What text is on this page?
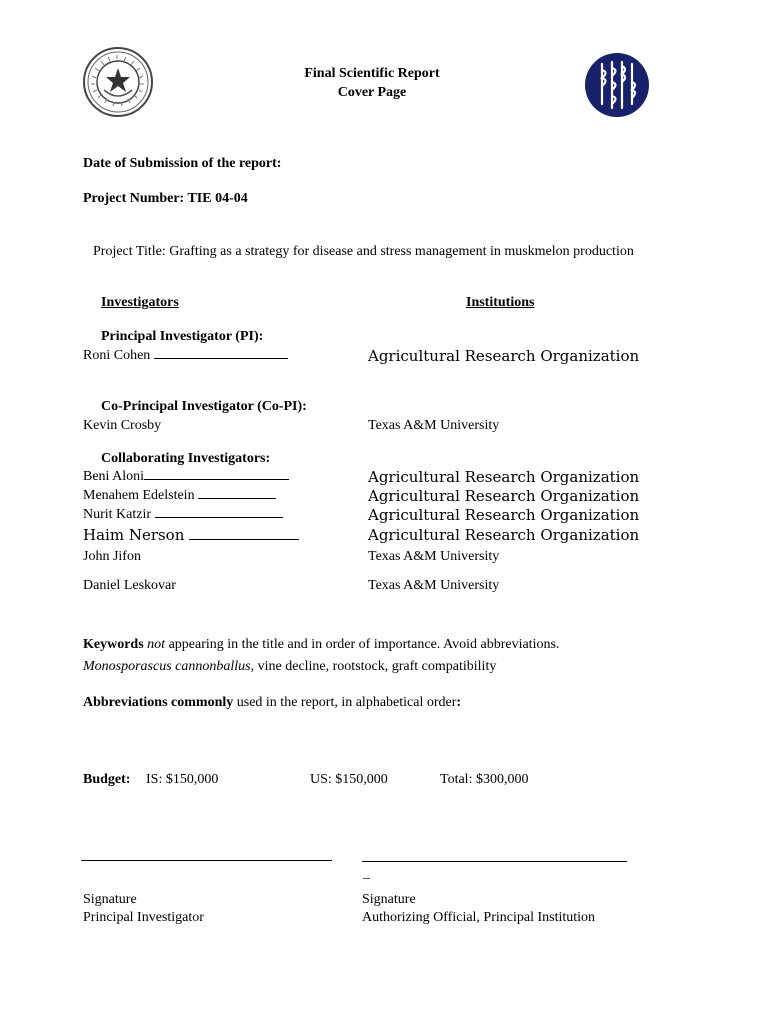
Final Scientific Report
Cover Page
Date of Submission of the report:
Project Number: TIE 04-04
Project Title: Grafting as a strategy for disease and stress management in muskmelon production
Investigators	Institutions
Principal Investigator (PI):
Roni Cohen	Agricultural Research Organization
Co-Principal Investigator (Co-PI):
Kevin Crosby	Texas A&M University
Collaborating Investigators:
Beni Aloni	Agricultural Research Organization
Menahem Edelstein	Agricultural Research Organization
Nurit Katzir	Agricultural Research Organization
Haim Nerson	Agricultural Research Organization
John Jifon	Texas A&M University
Daniel Leskovar	Texas A&M University
Keywords not appearing in the title and in order of importance. Avoid abbreviations.
Monosporascus cannonballus, vine decline, rootstock, graft compatibility
Abbreviations commonly used in the report, in alphabetical order:
Budget: IS: $150,000	US: $150,000	Total: $300,000
_
Signature
Principal Investigator
Signature
Authorizing Official, Principal Institution
